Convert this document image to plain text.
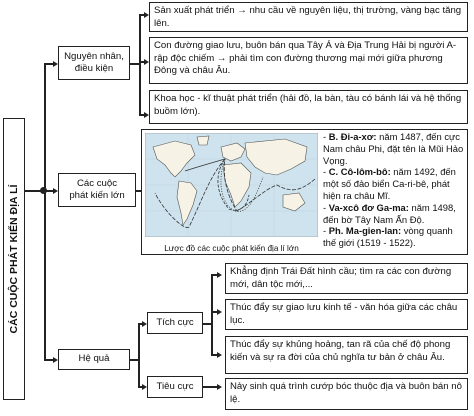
CÁC CUỘC PHÁT KIẾN ĐỊA LÍ
Nguyên nhân,
điều kiện
Sản xuất phát triển → nhu cầu về nguyên liệu, thị trường, vàng bạc tăng lên.
Con đường giao lưu, buôn bán qua Tây Á và Địa Trung Hải bị người A-rập độc chiếm → phải tìm con đường thương mại mới giữa phương Đông và châu Âu.
Khoa học - kĩ thuật phát triển (hải đồ, la bàn, tàu có bánh lái và hệ thống buồm lớn).
Các cuộc
phát kiến lớn
Lược đồ các cuộc phát kiến địa lí lớn

- B. Đi-a-xơ: năm 1487, đến cực Nam châu Phi, đặt tên là Mũi Hảo Vọng.

- C. Cô-lôm-bô: năm 1492, đến một số đảo biển Ca-ri-bê, phát hiện ra châu Mĩ.

- Va-xcô đơ Ga-ma: năm 1498, đến bờ Tây Nam Ấn Độ.

- Ph. Ma-gien-lan: vòng quanh thế giới (1519 - 1522).

Hệ quả
Tích cực
Tiêu cực
Khẳng định Trái Đất hình cầu; tìm ra các con đường mới, dân tộc mới,...
Thúc đẩy sự giao lưu kinh tế - văn hóa giữa các châu lục.
Thúc đẩy sự khủng hoảng, tan rã của chế độ phong kiến và sự ra đời của chủ nghĩa tư bản ở châu Âu.
Nảy sinh quá trình cướp bóc thuộc địa và buôn bán nô lệ.
